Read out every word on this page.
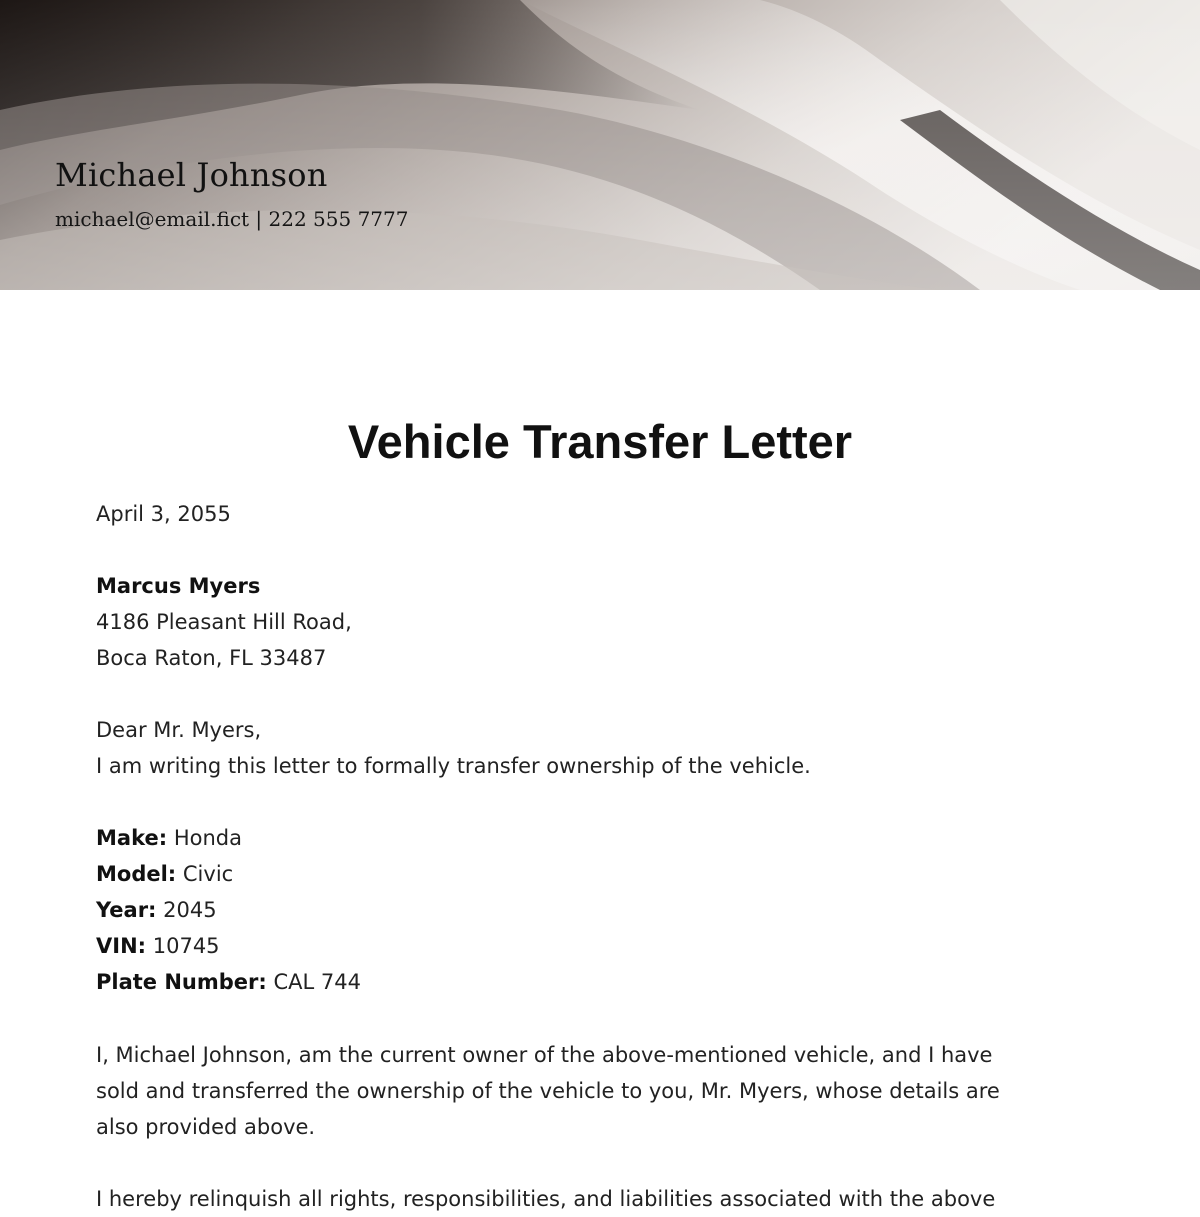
Michael Johnson
michael@email.fict | 222 555 7777
Vehicle Transfer Letter

April 3, 2055

Marcus Myers

4186 Pleasant Hill Road,

Boca Raton, FL 33487

Dear Mr. Myers,

I am writing this letter to formally transfer ownership of the vehicle.

Make: Honda

Model: Civic

Year: 2045

VIN: 10745

Plate Number: CAL 744

I, Michael Johnson, am the current owner of the above-mentioned vehicle, and I have

sold and transferred the ownership of the vehicle to you, Mr. Myers, whose details are

also provided above.

I hereby relinquish all rights, responsibilities, and liabilities associated with the above
